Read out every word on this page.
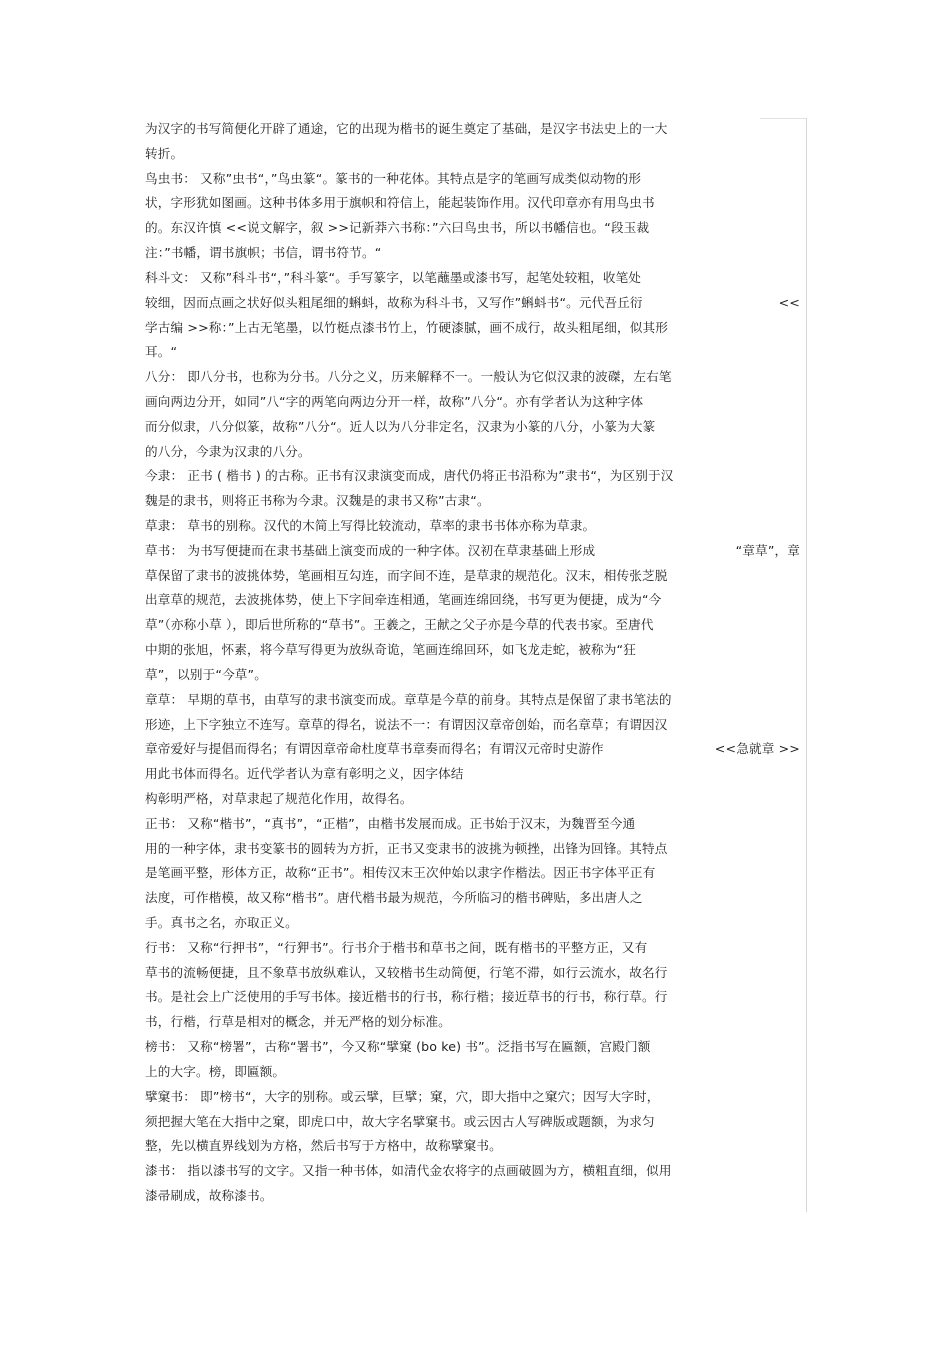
为汉字的书写简便化开辟了通途，它的出现为楷书的诞生奠定了基础，是汉字书法史上的一大
转折。
鸟虫书： 又称”虫书“，”鸟虫篆“。篆书的一种花体。其特点是字的笔画写成类似动物的形
状，字形犹如图画。这种书体多用于旗帜和符信上，能起装饰作用。汉代印章亦有用鸟虫书
的。东汉许慎 <<说文解字，叙 >>记新莽六书称：”六曰鸟虫书，所以书幡信也。“段玉裁
注：”书幡，谓书旗帜；书信，谓书符节。“
科斗文： 又称”科斗书“，”科斗篆“。手写篆字，以笔蘸墨或漆书写，起笔处较粗，收笔处
较细，因而点画之状好似头粗尾细的蝌蚪，故称为科斗书，又写作”蝌蚪书“。元代吾丘衍	<<
学古编 >>称：”上古无笔墨，以竹梃点漆书竹上，竹硬漆腻，画不成行，故头粗尾细，似其形
耳。“
八分： 即八分书，也称为分书。八分之义，历来解释不一。一般认为它似汉隶的波磔，左右笔
画向两边分开，如同”八“字的两笔向两边分开一样，故称”八分“。亦有学者认为这种字体
而分似隶，八分似篆，故称”八分“。近人以为八分非定名，汉隶为小篆的八分，小篆为大篆
的八分，今隶为汉隶的八分。
今隶： 正书 ( 楷书 ) 的古称。正书有汉隶演变而成，唐代仍将正书沿称为”隶书“，为区别于汉
魏是的隶书，则将正书称为今隶。汉魏是的隶书又称”古隶“。
草隶： 草书的别称。汉代的木简上写得比较流动，草率的隶书书体亦称为草隶。
草书： 为书写便捷而在隶书基础上演变而成的一种字体。汉初在草隶基础上形成	“章草”，章
草保留了隶书的波挑体势，笔画相互勾连，而字间不连，是草隶的规范化。汉末，相传张芝脱
出章草的规范，去波挑体势，使上下字间牵连相通，笔画连绵回绕，书写更为便捷，成为“今
草”（亦称小草 ），即后世所称的“草书”。王羲之，王献之父子亦是今草的代表书家。至唐代
中期的张旭，怀素，将今草写得更为放纵奇诡，笔画连绵回环，如飞龙走蛇，被称为“狂
草”，以别于“今草”。
章草： 早期的草书，由草写的隶书演变而成。章草是今草的前身。其特点是保留了隶书笔法的
形迹，上下字独立不连写。章草的得名，说法不一：有谓因汉章帝创始，而名章草；有谓因汉
章帝爱好与提倡而得名；有谓因章帝命杜度草书章奏而得名；有谓汉元帝时史游作	<<急就章 >>
用此书体而得名。近代学者认为章有彰明之义，因字体结
构彰明严格，对草隶起了规范化作用，故得名。
正书： 又称“楷书”，“真书”，“正楷”，由楷书发展而成。正书始于汉末，为魏晋至今通
用的一种字体，隶书变篆书的圆转为方折，正书又变隶书的波挑为顿挫，出锋为回锋。其特点
是笔画平整，形体方正，故称“正书”。相传汉末王次仲始以隶字作楷法。因正书字体平正有
法度，可作楷模，故又称“楷书”。唐代楷书最为规范，今所临习的楷书碑贴，多出唐人之
手。真书之名，亦取正义。
行书： 又称“行押书”，“行狎书”。行书介于楷书和草书之间，既有楷书的平整方正，又有
草书的流畅便捷，且不象草书放纵难认，又较楷书生动简便，行笔不滞，如行云流水，故名行
书。是社会上广泛使用的手写书体。接近楷书的行书，称行楷；接近草书的行书，称行草。行
书，行楷，行草是相对的概念，并无严格的划分标准。
榜书： 又称“榜署”，古称“署书”，今又称“擘窠 (bo ke) 书”。泛指书写在匾额，宫殿门额
上的大字。榜，即匾额。
擘窠书： 即”榜书“，大字的别称。或云擘，巨擘；窠，穴，即大指中之窠穴；因写大字时，
须把握大笔在大指中之窠，即虎口中，故大字名擘窠书。或云因古人写碑版或题额，为求匀
整，先以横直界线划为方格，然后书写于方格中，故称擘窠书。
漆书： 指以漆书写的文字。又指一种书体，如清代金农将字的点画破圆为方，横粗直细，似用
漆帚刷成，故称漆书。
